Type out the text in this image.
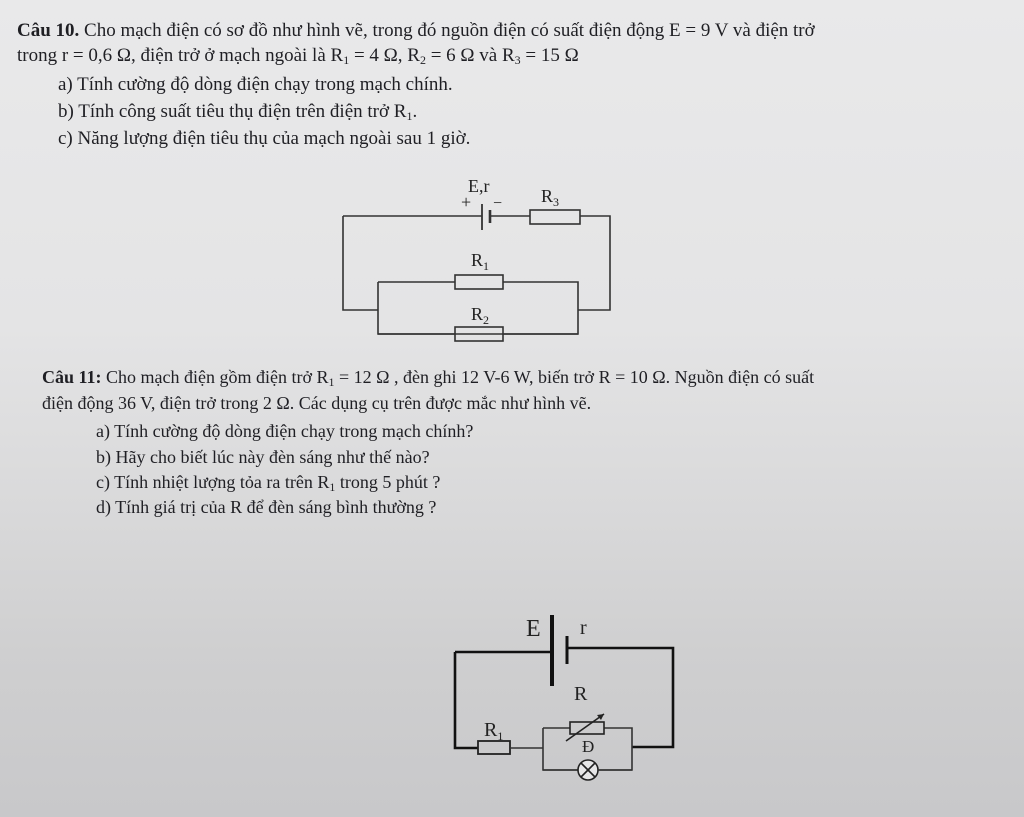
Câu 10. Cho mạch điện có sơ đồ như hình vẽ, trong đó nguồn điện có suất điện động E = 9 V và điện trở
trong r = 0,6 Ω, điện trở ở mạch ngoài là $R_1 = 4$ Ω, $R_2 = 6$ Ω và $R_3 = 15$ Ω
a) Tính cường độ dòng điện chạy trong mạch chính.
b) Tính công suất tiêu thụ điện trên điện trở $R_1$.
c) Năng lượng điện tiêu thụ của mạch ngoài sau 1 giờ.
E,r
+ − $R_3$
$R_1$
$R_2$
Câu 11: Cho mạch điện gồm điện trở $R_1 = 12$ Ω , đèn ghi 12 V-6 W, biến trở R = 10 Ω. Nguồn điện có suất
điện động 36 V, điện trở trong 2 Ω. Các dụng cụ trên được mắc như hình vẽ.
a) Tính cường độ dòng điện chạy trong mạch chính?
b) Hãy cho biết lúc này đèn sáng như thế nào?
c) Tính nhiệt lượng tỏa ra trên $R_1$ trong 5 phút ?
d) Tính giá trị của R để đèn sáng bình thường ?
E r
R
$R_1$
Đ
